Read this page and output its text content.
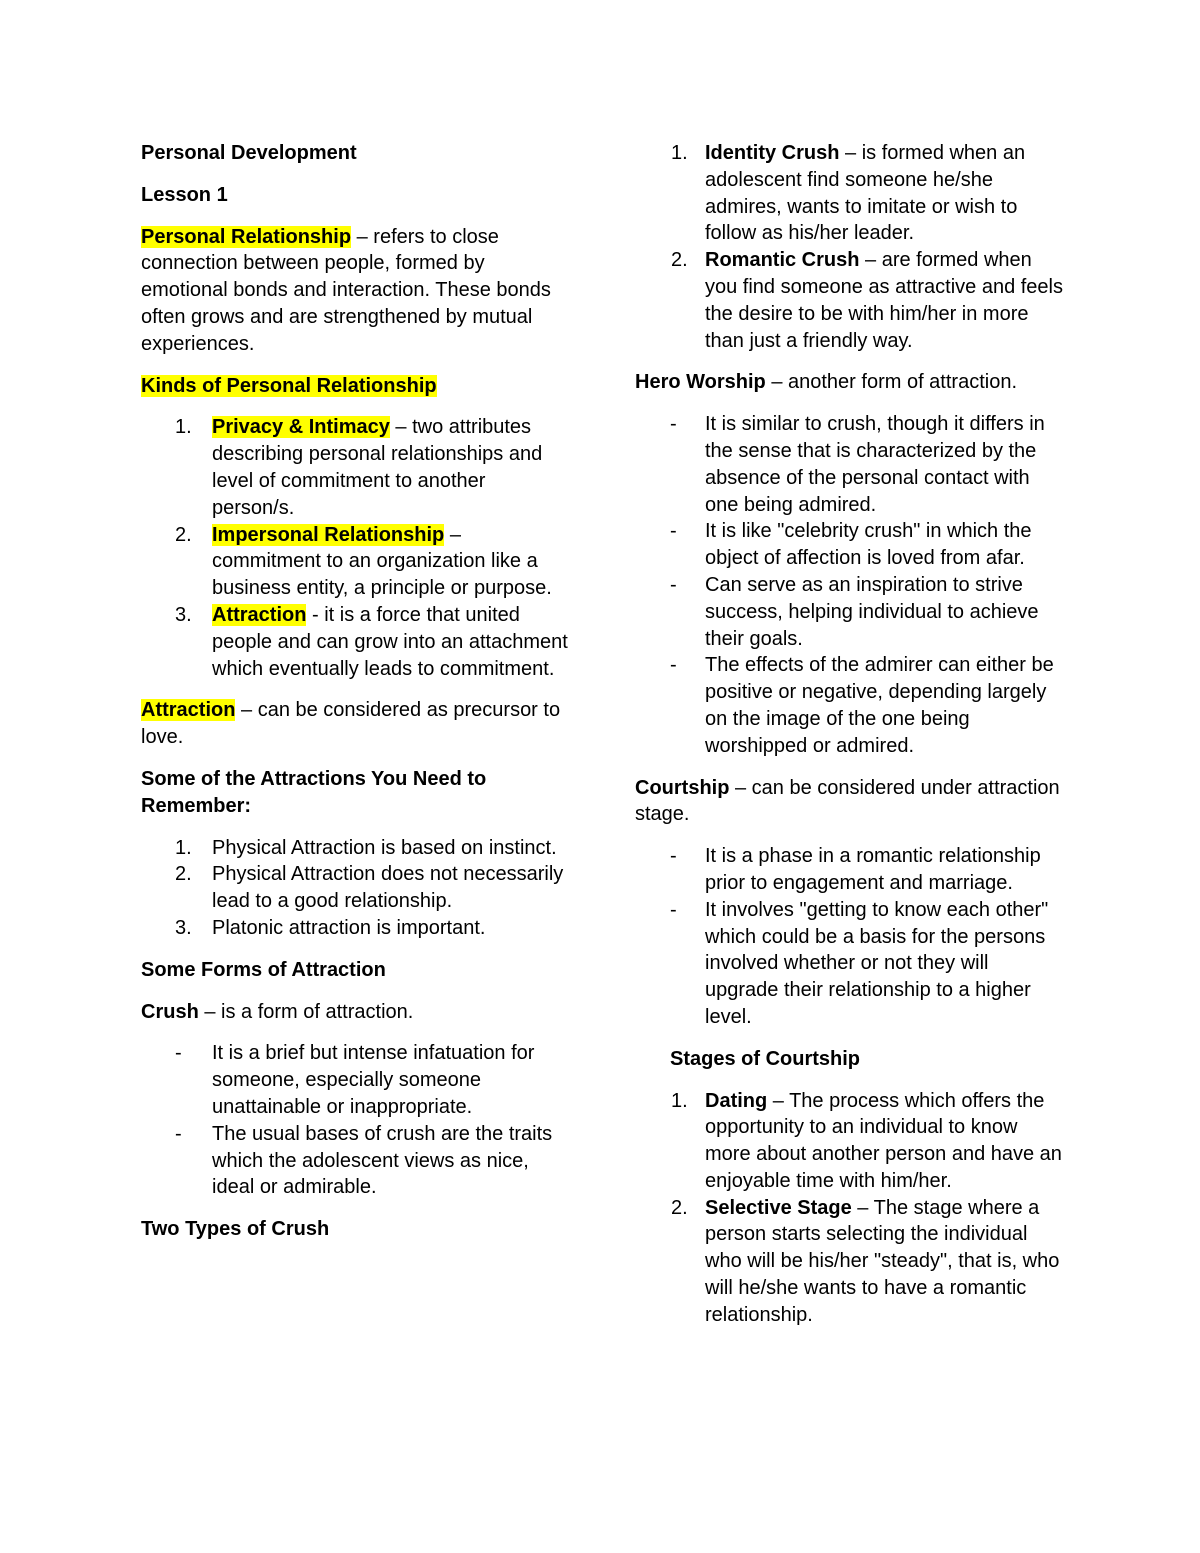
Personal Development

Lesson 1

Personal Relationship – refers to close connection between people, formed by emotional bonds and interaction. These bonds often grows and are strengthened by mutual experiences.

Kinds of Personal Relationship

1. Privacy & Intimacy – two attributes describing personal relationships and level of commitment to another person/s.
2. Impersonal Relationship – commitment to an organization like a business entity, a principle or purpose.
3. Attraction - it is a force that united people and can grow into an attachment which eventually leads to commitment.

Attraction – can be considered as precursor to love.

Some of the Attractions You Need to Remember:

1. Physical Attraction is based on instinct.
2. Physical Attraction does not necessarily lead to a good relationship.
3. Platonic attraction is important.

Some Forms of Attraction

Crush – is a form of attraction.

- It is a brief but intense infatuation for someone, especially someone unattainable or inappropriate.
- The usual bases of crush are the traits which the adolescent views as nice, ideal or admirable.

Two Types of Crush

1. Identity Crush – is formed when an adolescent find someone he/she admires, wants to imitate or wish to follow as his/her leader.
2. Romantic Crush – are formed when you find someone as attractive and feels the desire to be with him/her in more than just a friendly way.

Hero Worship – another form of attraction.

- It is similar to crush, though it differs in the sense that is characterized by the absence of the personal contact with one being admired.
- It is like "celebrity crush" in which the object of affection is loved from afar.
- Can serve as an inspiration to strive success, helping individual to achieve their goals.
- The effects of the admirer can either be positive or negative, depending largely on the image of the one being worshipped or admired.

Courtship – can be considered under attraction stage.

- It is a phase in a romantic relationship prior to engagement and marriage.
- It involves "getting to know each other" which could be a basis for the persons involved whether or not they will upgrade their relationship to a higher level.

Stages of Courtship

1. Dating – The process which offers the opportunity to an individual to know more about another person and have an enjoyable time with him/her.
2. Selective Stage – The stage where a person starts selecting the individual who will be his/her "steady", that is, who will he/she wants to have a romantic relationship.
